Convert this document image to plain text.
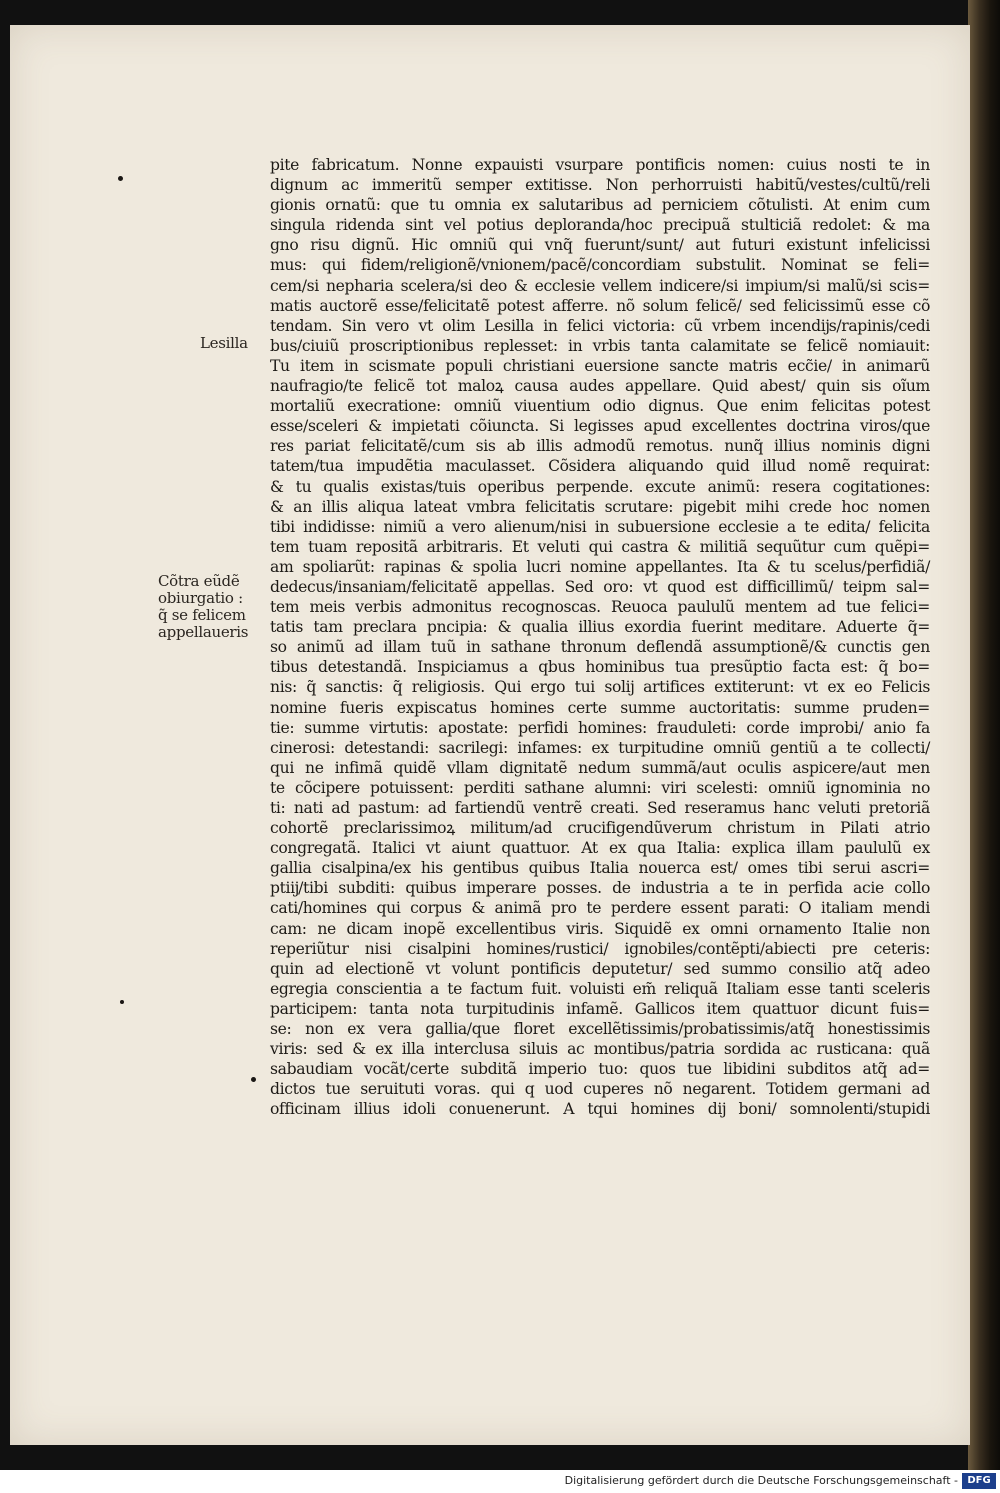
Lesilla
Cõtra eũdẽ
obiurgatio :
q̃ se felicem
appellaueris
pite fabricatum. Nonne expauisti vsurpare pontificis nomen: cuius nosti te in
dignum ac immeritũ semper extitisse. Non perhorruisti habitũ/vestes/cultũ/reli
gionis ornatũ: que tu omnia ex salutaribus ad perniciem cõtulisti. At enim cum
singula ridenda sint vel potius deploranda/hoc precipuã stulticiã redolet: & ma
gno risu dignũ. Hic omniũ qui vnq̃ fuerunt/sunt/ aut futuri existunt infelicissi
mus: qui fidem/religionẽ/vnionem/pacẽ/concordiam substulit. Nominat se feli=
cem/si nepharia scelera/si deo & ecclesie vellem indicere/si impium/si malũ/si scis=
matis auctorẽ esse/felicitatẽ potest afferre. nõ solum felicẽ/ sed felicissimũ esse cõ
tendam. Sin vero vt olim Lesilla in felici victoria: cũ vrbem incendĳs/rapinis/cedi
bus/ciuiũ proscriptionibus replesset: in vrbis tanta calamitate se felicẽ nomiauit:
Tu item in scismate populi christiani euersione sancte matris ecc̃ie/ in animarũ
naufragio/te felicẽ tot maloꝝ causa audes appellare. Quid abest/ quin sis oĩum
mortaliũ execratione: omniũ viuentium odio dignus. Que enim felicitas potest
esse/sceleri & impietati cõiuncta. Si legisses apud excellentes doctrina viros/que
res pariat felicitatẽ/cum sis ab illis admodũ remotus. nunq̃ illius nominis digni
tatem/tua impudẽtia maculasset. Cõsidera aliquando quid illud nomẽ requirat:
& tu qualis existas/tuis operibus perpende. excute animũ: resera cogitationes:
& an illis aliqua lateat vmbra felicitatis scrutare: pigebit mihi crede hoc nomen
tibi indidisse: nimiũ a vero alienum/nisi in subuersione ecclesie a te edita/ felicita
tem tuam repositã arbitraris. Et veluti qui castra & militiã sequũtur cum quẽpi=
am spoliarũt: rapinas & spolia lucri nomine appellantes. Ita & tu scelus/perfidiã/
dedecus/insaniam/felicitatẽ appellas. Sed oro: vt quod est difficillimũ/ teipm sal=
tem meis verbis admonitus recognoscas. Reuoca paululũ mentem ad tue felici=
tatis tam preclara pncipia: & qualia illius exordia fuerint meditare. Aduerte q̃=
so animũ ad illam tuũ in sathane thronum deflendã assumptionẽ/& cunctis gen
tibus detestandã. Inspiciamus a qbus hominibus tua presũptio facta est: q̃ bo=
nis: q̃ sanctis: q̃ religiosis. Qui ergo tui solĳ artifices extiterunt: vt ex eo Felicis
nomine fueris expiscatus homines certe summe auctoritatis: summe pruden=
tie: summe virtutis: apostate: perfidi homines: frauduleti: corde improbi/ anio fa
cinerosi: detestandi: sacrilegi: infames: ex turpitudine omniũ gentiũ a te collecti/
qui ne infimã quidẽ vllam dignitatẽ nedum summã/aut oculis aspicere/aut men
te cõcipere potuissent: perditi sathane alumni: viri scelesti: omniũ ignominia no
ti: nati ad pastum: ad fartiendũ ventrẽ creati. Sed reseramus hanc veluti pretoriã
cohortẽ preclarissimoꝝ militum/ad crucifigendũverum christum in Pilati atrio
congregatã. Italici vt aiunt quattuor. At ex qua Italia: explica illam paululũ ex
gallia cisalpina/ex his gentibus quibus Italia nouerca est/ omes tibi serui ascri=
ptiĳ/tibi subditi: quibus imperare posses. de industria a te in perfida acie collo
cati/homines qui corpus & animã pro te perdere essent parati: O italiam mendi
cam: ne dicam inopẽ excellentibus viris. Siquidẽ ex omni ornamento Italie non
reperiũtur nisi cisalpini homines/rustici/ ignobiles/contẽpti/abiecti pre ceteris:
quin ad electionẽ vt volunt pontificis deputetur/ sed summo consilio atq̃ adeo
egregia conscientia a te factum fuit. voluisti em̃ reliquã Italiam esse tanti sceleris
participem: tanta nota turpitudinis infamẽ. Gallicos item quattuor dicunt fuis=
se: non ex vera gallia/que floret excellẽtissimis/probatissimis/atq̃ honestissimis
viris: sed & ex illa interclusa siluis ac montibus/patria sordida ac rusticana: quã
sabaudiam vocãt/certe subditã imperio tuo: quos tue libidini subditos atq̃ ad=
dictos tue seruituti voras. qui q uod cuperes nõ negarent. Totidem germani ad
officinam illius idoli conuenerunt. A tqui homines dĳ boni/ somnolenti/stupidi
Digitalisierung gefördert durch die Deutsche Forschungsgemeinschaft - DFG
